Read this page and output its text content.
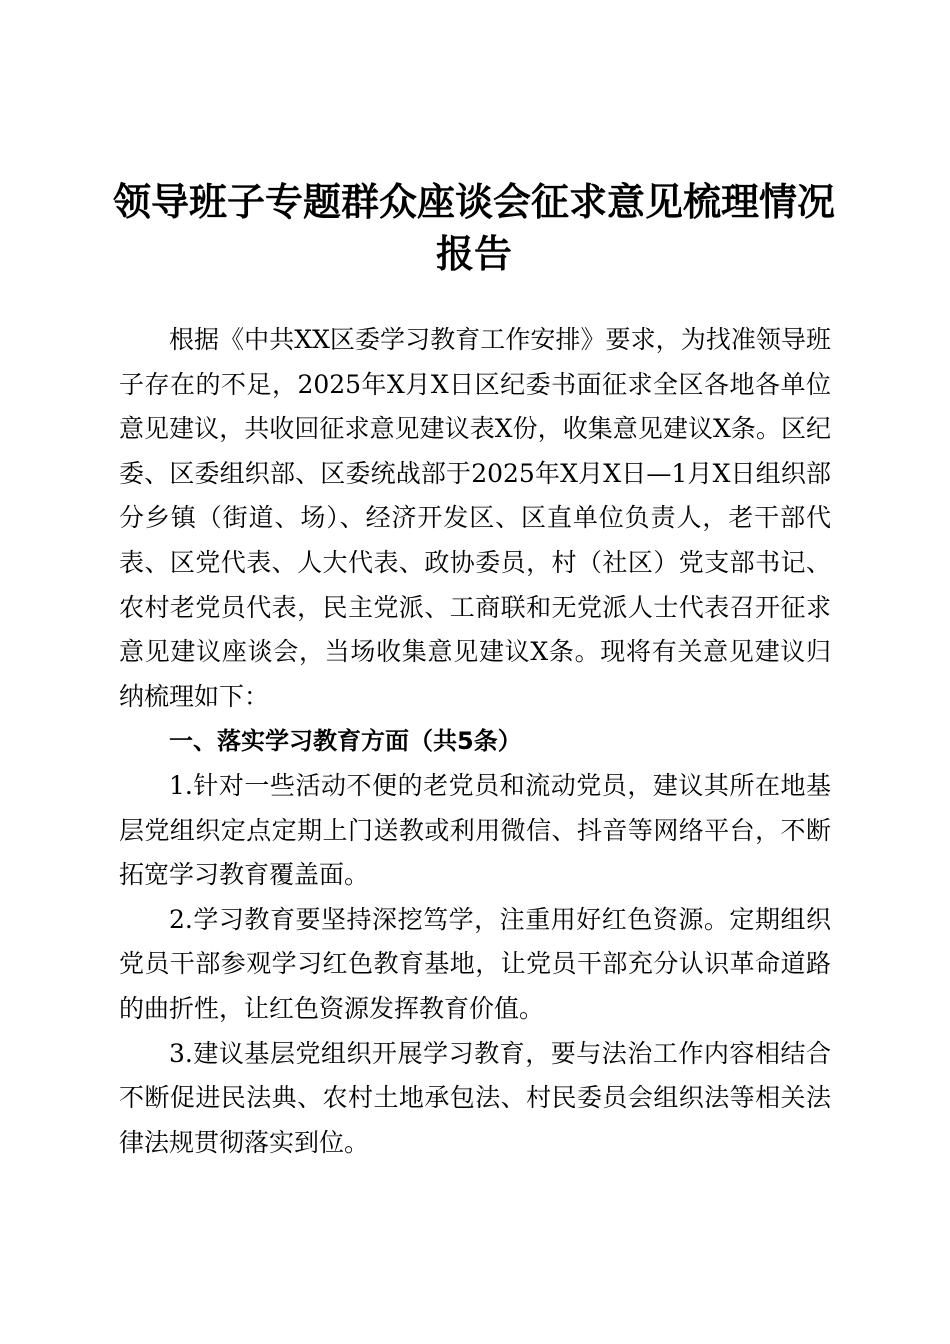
领导班子专题群众座谈会征求意见梳理情况报告

根据《中共XX区委学习教育工作安排》要求，为找准领导班子存在的不足，2025年X月X日区纪委书面征求全区各地各单位意见建议，共收回征求意见建议表X份，收集意见建议X条。区纪委、区委组织部、区委统战部于2025年X月X日—1月X日组织部分乡镇（街道、场）、经济开发区、区直单位负责人，老干部代表、区党代表、人大代表、政协委员，村（社区）党支部书记、农村老党员代表，民主党派、工商联和无党派人士代表召开征求意见建议座谈会，当场收集意见建议X条。现将有关意见建议归纳梳理如下：

一、落实学习教育方面（共5条）

1.针对一些活动不便的老党员和流动党员，建议其所在地基层党组织定点定期上门送教或利用微信、抖音等网络平台，不断拓宽学习教育覆盖面。

2.学习教育要坚持深挖笃学，注重用好红色资源。定期组织党员干部参观学习红色教育基地，让党员干部充分认识革命道路的曲折性，让红色资源发挥教育价值。

3.建议基层党组织开展学习教育，要与法治工作内容相结合不断促进民法典、农村土地承包法、村民委员会组织法等相关法律法规贯彻落实到位。
